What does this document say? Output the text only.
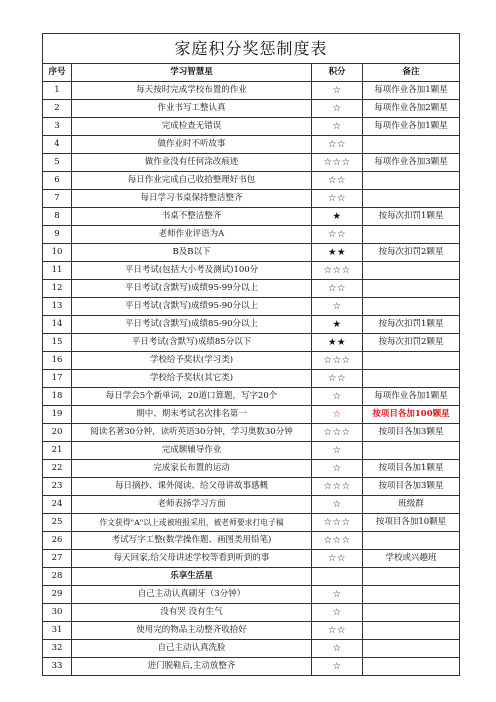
家庭积分奖惩制度表			
序号	学习智慧星	积分	备注
1	每天按时完成学校布置的作业	☆	每项作业各加1颗星
2	作业书写工整认真	☆	每项作业各加2颗星
3	完成检查无错误	☆	每项作业各加1颗星
4	做作业时不听故事	☆☆	
5	做作业没有任何涂改痕迹	☆☆☆	每项作业各加3颗星
6	每日作业完成自己收拾整理好书包	☆☆	
7	每日学习书桌保持整洁整齐	☆☆	
8	书桌不整洁整齐	★	按每次扣罚1颗星
9	老师作业评语为A	☆☆	
10	B及B以下	★★	按每次扣罚2颗星
11	平日考试(包括大小考及测试)100分	☆☆☆	
12	平日考试(含默写)成绩95-99分以上	☆☆	
13	平日考试(含默写)成绩95-90分以上	☆	
14	平日考试(含默写)成绩85-90分以上	★	按每次扣罚1颗星
15	平日考试(含默写)成绩85分以下	★★	按每次扣罚2颗星
16	学校给予奖状(学习类)	☆☆☆	
17	学校给予奖状(其它类)	☆☆	
18	每日学会5个新单词，20道口算题，写字20个	☆	每项作业各加1颗星
19	期中、期末考试名次排名第一	☆	按项目各加100颗星
20	阅读名著30分钟，读听英语30分钟，学习奥数30分钟	☆☆☆	按项目各加3颗星
21	完成额辅导作业	☆	
22	完成家长布置的运动	☆	按项目各加1颗星
23	每日摘抄、课外阅读、给父母讲故事感概	☆☆☆	按项目各加3颗星
24	老师表扬学习方面	☆	班级群
25	作文获得"A"以上或被班报采用，被老师要求打电子稿	☆☆☆	按项目各加10颗星
26	考试写字工整(数学操作题、画图类用铅笔)	☆☆☆	
27	每天回家,给父母讲述学校等看到听到的事	☆☆	学校或兴趣班
28	乐享生活星		
29	自己主动认真刷牙（3分钟）	☆	
30	没有哭 没有生气	☆	
31	使用完的物品主动整齐收拾好	☆☆	
32	自己主动认真洗脸	☆	
33	进门脱鞋后,主动放整齐	☆	
